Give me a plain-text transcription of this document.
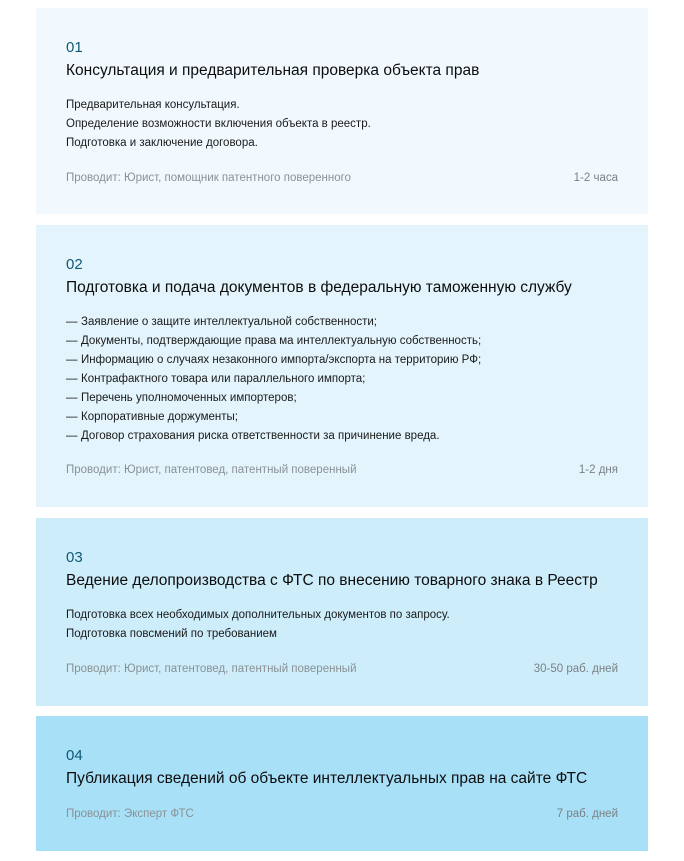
01
Консультация и предварительная проверка объекта прав
Предварительная консультация.
Определение возможности включения объекта в реестр.
Подготовка и заключение договора.
Проводит: Юрист, помощник патентного поверенного	1-2 часа
02
Подготовка и подача документов в федеральную таможенную службу
— Заявление о защите интеллектуальной собственности;
— Документы, подтверждающие права ма интеллектуальную собственность;
— Информацию о случаях незаконного импорта/экспорта на территорию РФ;
— Контрафактного товара или параллельного импорта;
— Перечень уполномоченных импортеров;
— Корпоративные доржументы;
— Договор страхования риска ответственности за причинение вреда.
Проводит: Юрист, патентовед, патентный поверенный	1-2 дня
03
Ведение делопроизводства с ФТС по внесению товарного знака в Реестр
Подготовка всех необходимых дополнительных документов по запросу.
Подготовка повсмений по требованием
Проводит: Юрист, патентовед, патентный поверенный	30-50 раб. дней
04
Публикация сведений об объекте интеллектуальных прав на сайте ФТС
Проводит: Эксперт ФТС	7 раб. дней
